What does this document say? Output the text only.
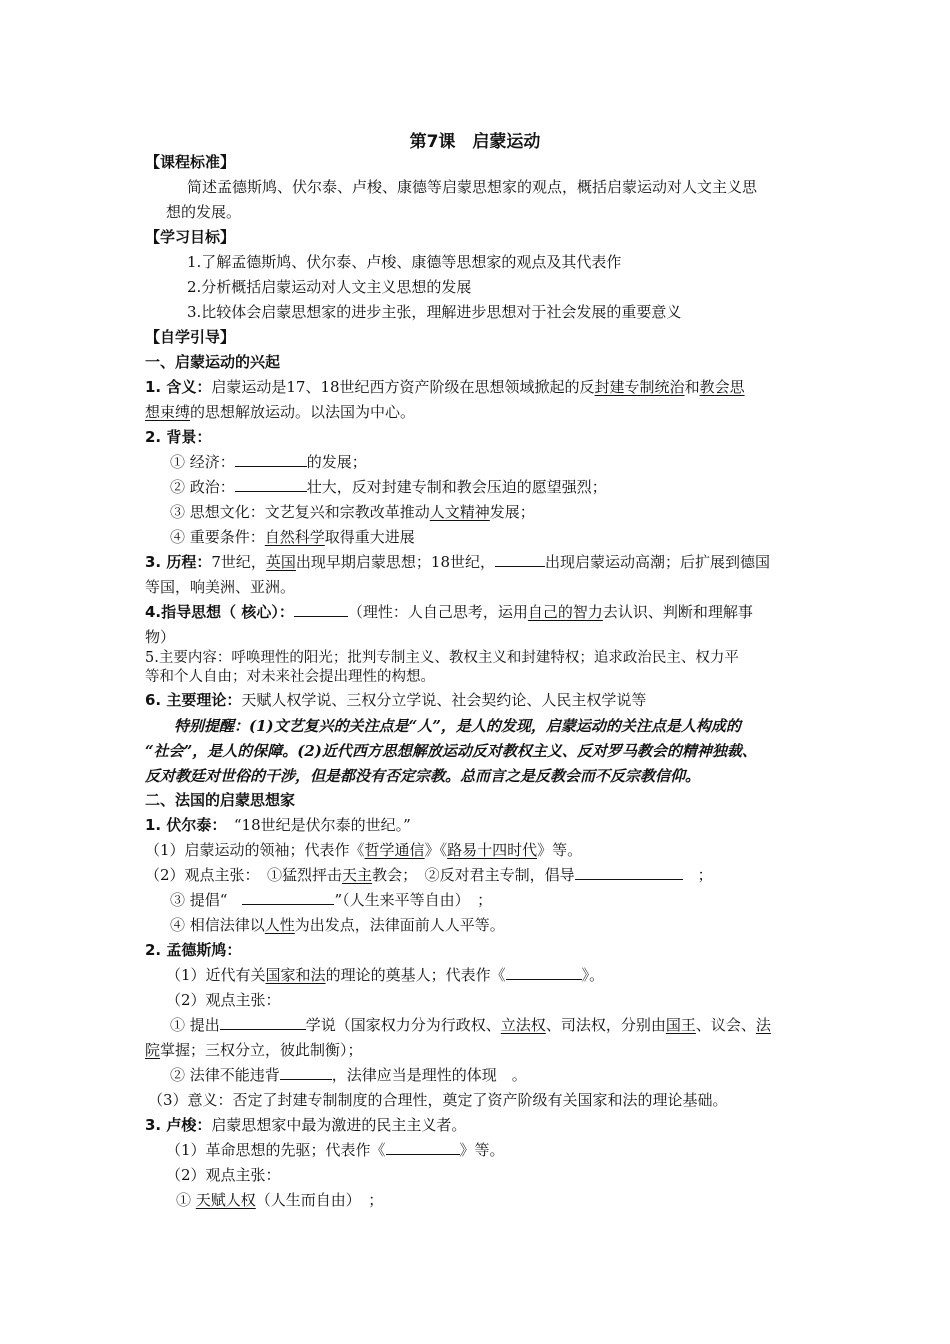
第7课　启蒙运动
【课程标准】
简述孟德斯鸠、伏尔泰、卢梭、康德等启蒙思想家的观点，概括启蒙运动对人文主义思
想的发展。
【学习目标】
1.了解孟德斯鸠、伏尔泰、卢梭、康德等思想家的观点及其代表作
2.分析概括启蒙运动对人文主义思想的发展
3.比较体会启蒙思想家的进步主张，理解进步思想对于社会发展的重要意义
【自学引导】
一、启蒙运动的兴起
1. 含义：启蒙运动是17、18世纪西方资产阶级在思想领域掀起的反封建专制统治和教会思
想束缚的思想解放运动。以法国为中心。
2. 背景：
① 经济：	的发展；
② 政治：	壮大，反对封建专制和教会压迫的愿望强烈；
③ 思想文化：文艺复兴和宗教改革推动人文精神发展；
④ 重要条件：自然科学取得重大进展
3. 历程：7世纪，英国出现早期启蒙思想；18世纪，	出现启蒙运动高潮；后扩展到德国
等国，响美洲、亚洲。
4.指导思想（ 核心）：	（理性：人自己思考，运用自己的智力去认识、判断和理解事
物）
5.主要内容：呼唤理性的阳光；批判专制主义、教权主义和封建特权；追求政治民主、权力平
等和个人自由；对未来社会提出理性的构想。
6. 主要理论：天赋人权学说、三权分立学说、社会契约论、人民主权学说等
特别提醒：(1)文艺复兴的关注点是“人”，是人的发现，启蒙运动的关注点是人构成的
“社会”，是人的保障。(2)近代西方思想解放运动反对教权主义、反对罗马教会的精神独裁、
反对教廷对世俗的干涉，但是都没有否定宗教。总而言之是反教会而不反宗教信仰。
二、法国的启蒙思想家
1. 伏尔泰：　“18世纪是伏尔泰的世纪。”
（1）启蒙运动的领袖；代表作《哲学通信》《路易十四时代》等。
（2）观点主张：　①猛烈抨击天主教会；　②反对君主专制，倡导	　；
③ 提倡“　	”（人生来平等自由）　；
④ 相信法律以人性为出发点，法律面前人人平等。
2. 孟德斯鸠：
（1）近代有关国家和法的理论的奠基人；代表作《	》。
（2）观点主张：
① 提出	学说（国家权力分为行政权、立法权、司法权，分别由国王、议会、法
院掌握；三权分立，彼此制衡）；
② 法律不能违背	，法律应当是理性的体现　。
（3）意义：否定了封建专制制度的合理性，奠定了资产阶级有关国家和法的理论基础。
3. 卢梭：启蒙思想家中最为激进的民主主义者。
（1）革命思想的先驱；代表作《	》等。
（2）观点主张：
① 天赋人权（人生而自由）　；
